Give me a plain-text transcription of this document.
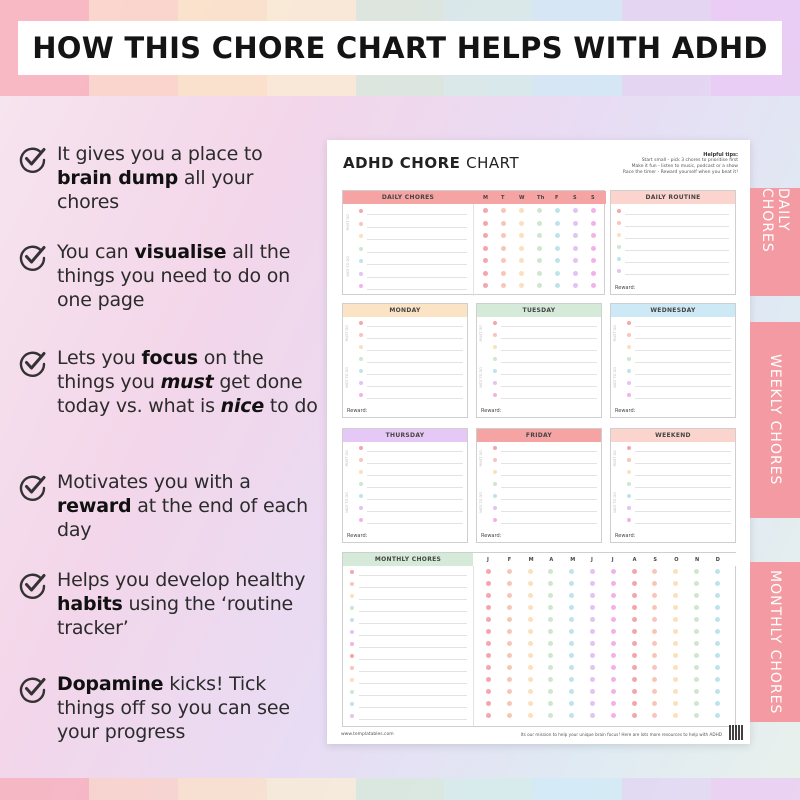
HOW THIS CHORE CHART HELPS WITH ADHD

It gives you a place to brain dump all your chores

You can visualise all the things you need to do on one page

Lets you focus on the things you must get done today vs. what is nice to do

Motivates you with a reward at the end of each day

Helps you develop healthy habits using the ‘routine tracker’

Dopamine kicks! Tick things off so you can see your progress

ADHD CHORE CHART	Helpful tips:
Start small - pick 3 chores to prioritise first
Make it fun - listen to music, podcast or a show
Race the timer - Reward yourself when you beat it!
DAILY CHORES	M	T	W Th F	S	S
MUST DO
NICE TO DO
DAILY ROUTINE
Reward:
MONDAY
MUST DO
NICE TO DO
Reward:
TUESDAY
MUST DO
NICE TO DO
Reward:
WEDNESDAY
MUST DO
NICE TO DO
Reward:
THURSDAY
MUST DO
NICE TO DO
Reward:
FRIDAY
MUST DO
NICE TO DO
Reward:
WEEKEND
MUST DO
NICE TO DO
Reward:
MONTHLY CHORES	J	F	M	A	M	J	J	A	S	O	N	D
www.templatables.com	Its our mission to help your unique brain focus! Here are lots more resources to help with ADHD
DAILY CHORES
WEEKLY CHORES
MONTHLY CHORES
